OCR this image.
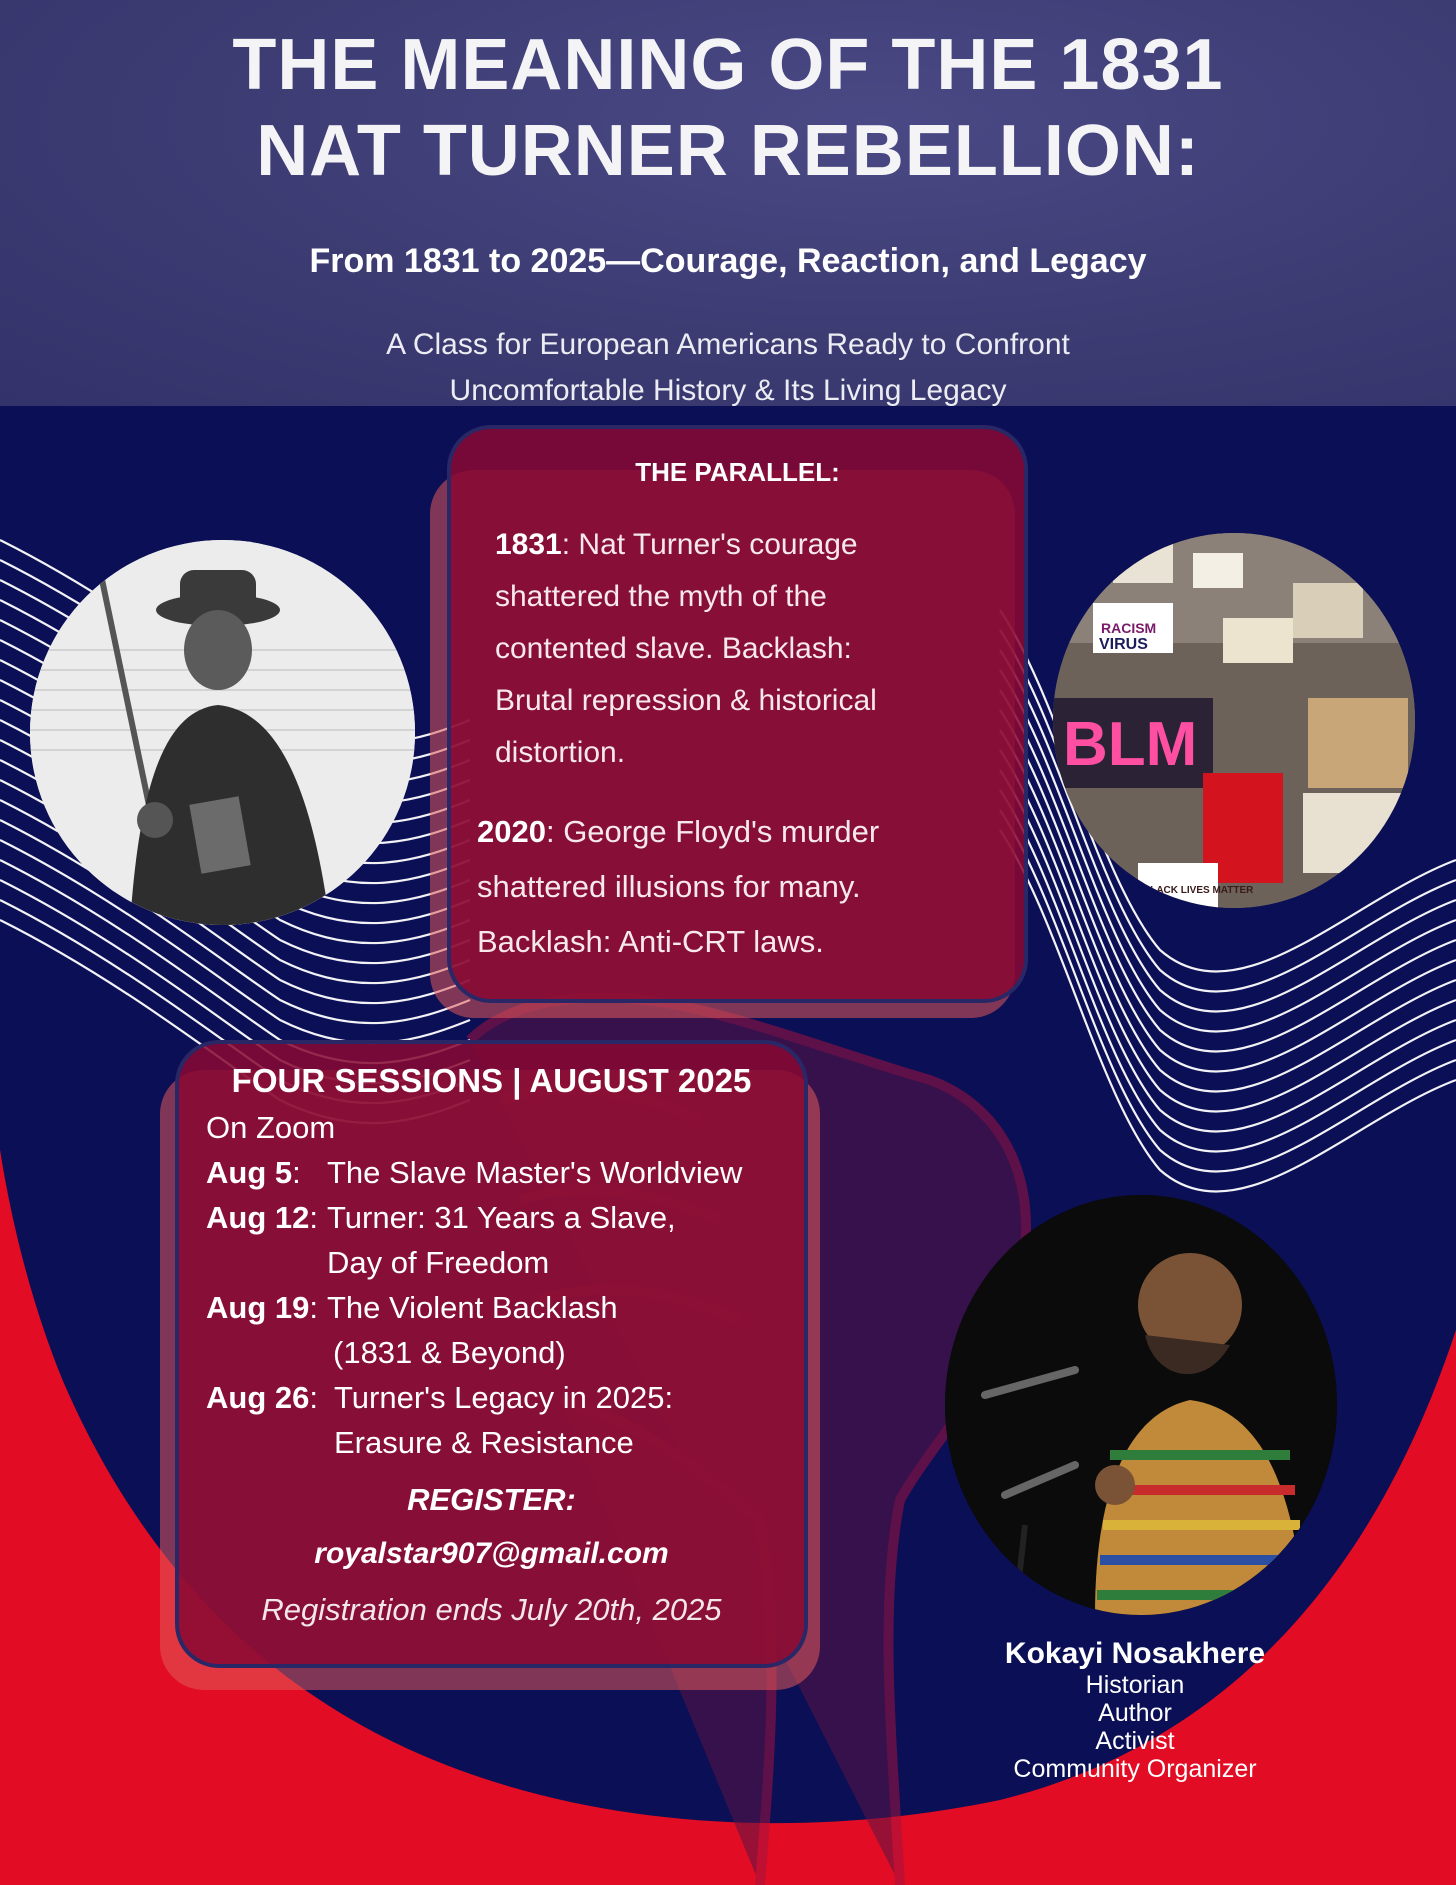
THE MEANING OF THE 1831
NAT TURNER REBELLION:

From 1831 to 2025—Courage, Reaction, and Legacy

A Class for European Americans Ready to Confront
Uncomfortable History & Its Living Legacy

BLM
RACISM
VIRUS
BLACK LIVES MATTER

THE PARALLEL:

1831: Nat Turner's courage
shattered the myth of the
contented slave. Backlash:
Brutal repression & historical
distortion.

2020: George Floyd's murder
shattered illusions for many.
Backlash: Anti-CRT laws.

FOUR SESSIONS | AUGUST 2025

On Zoom

Aug 5: The Slave Master's Worldview

Aug 12: Turner: 31 Years a Slave,

Day of Freedom

Aug 19: The Violent Backlash

(1831 & Beyond)

Aug 26: Turner's Legacy in 2025:

Erasure & Resistance

REGISTER:

royalstar907@gmail.com

Registration ends July 20th, 2025

Kokayi Nosakhere

Historian

Author

Activist

Community Organizer
